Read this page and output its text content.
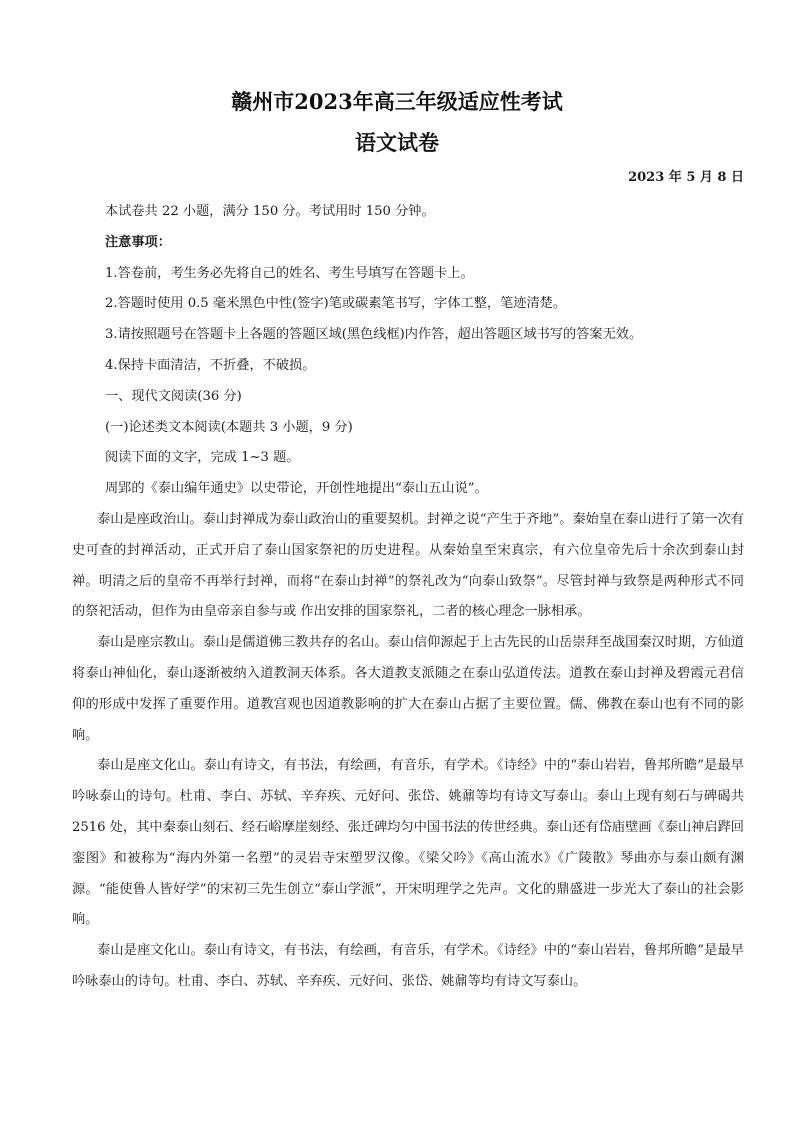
赣州市2023年高三年级适应性考试
语文试卷
2023 年 5 月 8 日

本试卷共 22 小题，满分 150 分。考试用时 150 分钟。

注意事项：

1.答卷前，考生务必先将自己的姓名、考生号填写在答题卡上。

2.答题时使用 0.5 毫米黑色中性(签字)笔或碳素笔书写，字体工整，笔迹清楚。

3.请按照题号在答题卡上各题的答题区域(黑色线框)内作答，超出答题区域书写的答案无效。

4.保持卡面清洁，不折叠，不破损。

一、现代文阅读(36 分)

(一)论述类文本阅读(本题共 3 小题，9 分)

阅读下面的文字，完成 1~3 题。

周郢的《泰山编年通史》以史带论，开创性地提出“泰山五山说”。

泰山是座政治山。泰山封禅成为泰山政治山的重要契机。封禅之说“产生于齐地”。秦始皇在泰山进行了第一次有史可查的封禅活动，正式开启了泰山国家祭祀的历史进程。从秦始皇至宋真宗，有六位皇帝先后十余次到泰山封禅。明清之后的皇帝不再举行封禅，而将“在泰山封禅”的祭礼改为“向泰山致祭”。尽管封禅与致祭是两种形式不同的祭祀活动，但作为由皇帝亲自参与或 作出安排的国家祭礼，二者的核心理念一脉相承。

泰山是座宗教山。泰山是儒道佛三教共存的名山。泰山信仰源起于上古先民的山岳崇拜至战国秦汉时期，方仙道将泰山神仙化，泰山逐渐被纳入道教洞天体系。各大道教支派随之在泰山弘道传法。道教在泰山封禅及碧霞元君信仰的形成中发挥了重要作用。道教宫观也因道教影响的扩大在泰山占据了主要位置。儒、佛教在泰山也有不同的影响。

泰山是座文化山。泰山有诗文，有书法，有绘画，有音乐，有学术。《诗经》中的“泰山岩岩，鲁邦所瞻”是最早吟咏泰山的诗句。杜甫、李白、苏轼、辛弃疾、元好问、张岱、姚鼐等均有诗文写泰山。泰山上现有刻石与碑碣共 2516 处，其中秦泰山刻石、经石峪摩崖刻经、张迁碑均匀中国书法的传世经典。泰山还有岱庙壁画《泰山神启跸回銮图》和被称为“海内外第一名塑”的灵岩寺宋塑罗汉像。《梁父吟》《高山流水》《广陵散》琴曲亦与泰山颇有渊源。“能使鲁人皆好学”的宋初三先生创立“泰山学派”，开宋明理学之先声。文化的鼎盛进一步光大了泰山的社会影响。

泰山是座文化山。泰山有诗文，有书法，有绘画，有音乐，有学术。《诗经》中的“泰山岩岩，鲁邦所瞻”是最早吟咏泰山的诗句。杜甫、李白、苏轼、辛弃疾、元好问、张岱、姚鼐等均有诗文写泰山。
